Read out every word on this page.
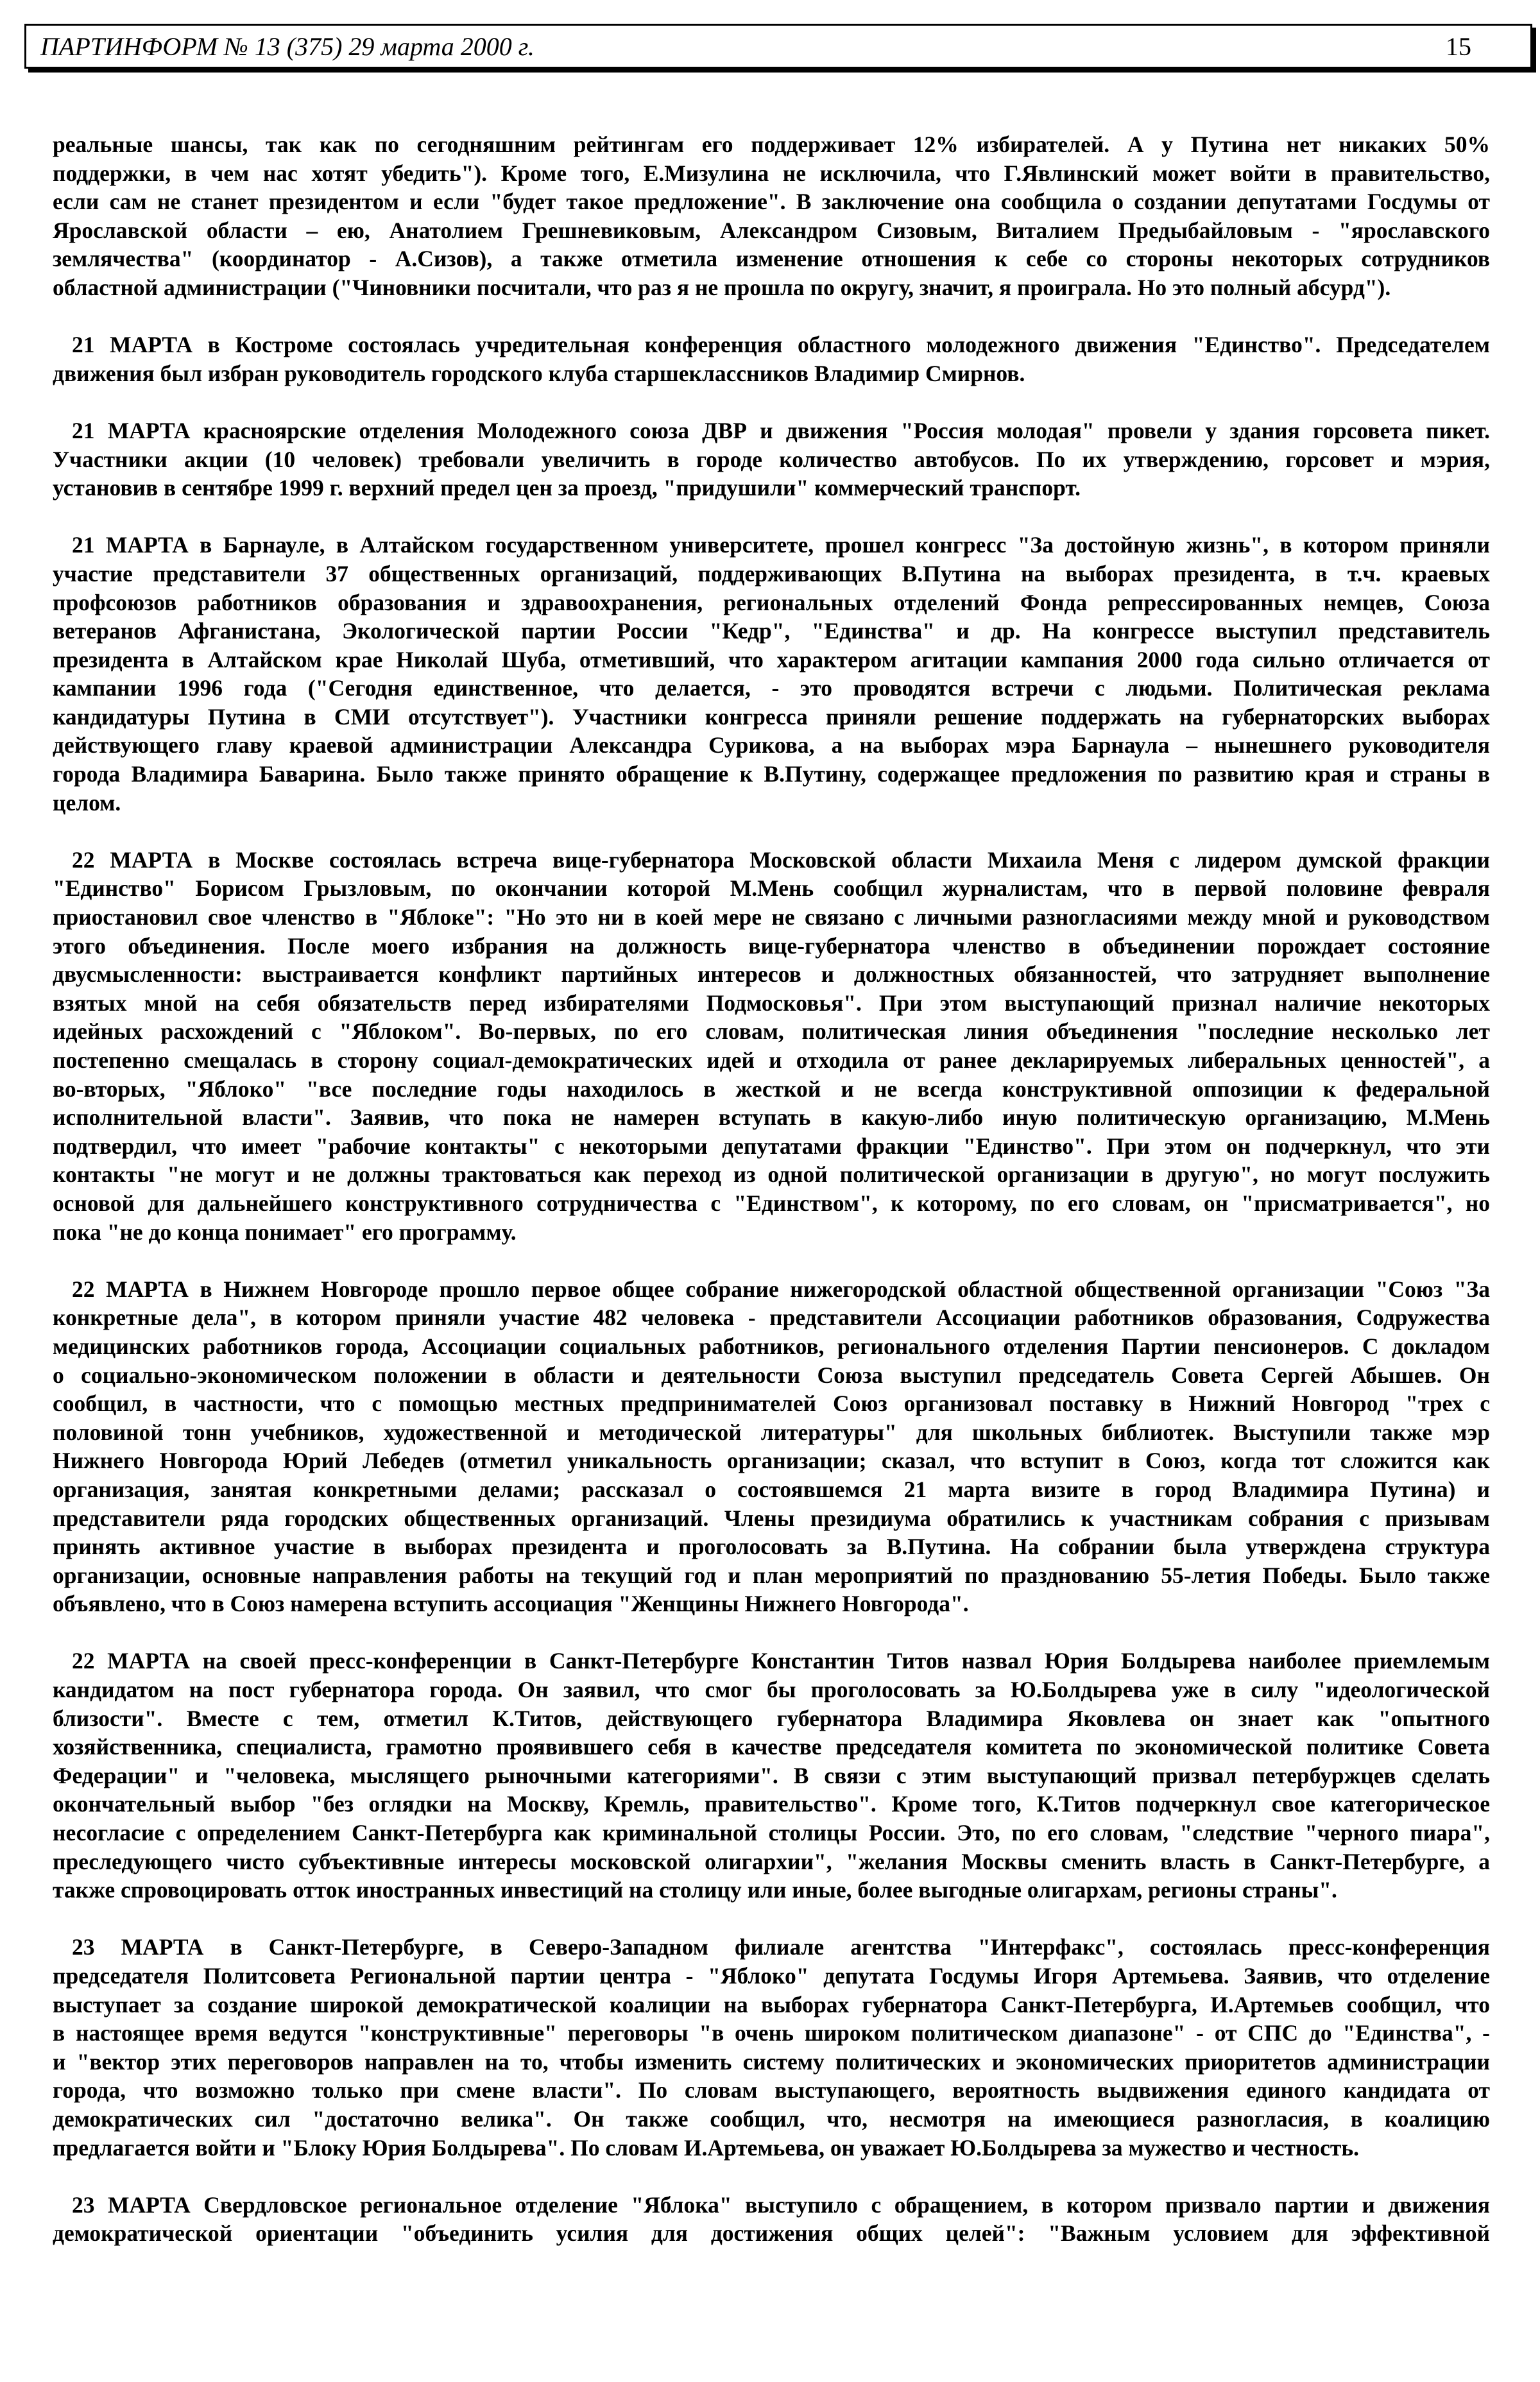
ПАРТИНФОРМ № 13 (375) 29 марта 2000 г.	15
реальные шансы, так как по сегодняшним рейтингам его поддерживает 12% избирателей. А у Путина нет никаких 50%
поддержки, в чем нас хотят убедить"). Кроме того, Е.Мизулина не исключила, что Г.Явлинский может войти в правительство,
если сам не станет президентом и если "будет такое предложение". В заключение она сообщила о создании депутатами Госдумы от
Ярославской области – ею, Анатолием Грешневиковым, Александром Сизовым, Виталием Предыбайловым - "ярославского
землячества" (координатор - А.Сизов), а также отметила изменение отношения к себе со стороны некоторых сотрудников
областной администрации ("Чиновники посчитали, что раз я не прошла по округу, значит, я проиграла. Но это полный абсурд").
21 МАРТА в Костроме состоялась учредительная конференция областного молодежного движения "Единство". Председателем
движения был избран руководитель городского клуба старшеклассников Владимир Смирнов.
21 МАРТА красноярские отделения Молодежного союза ДВР и движения "Россия молодая" провели у здания горсовета пикет.
Участники акции (10 человек) требовали увеличить в городе количество автобусов. По их утверждению, горсовет и мэрия,
установив в сентябре 1999 г. верхний предел цен за проезд, "придушили" коммерческий транспорт.
21 МАРТА в Барнауле, в Алтайском государственном университете, прошел конгресс "За достойную жизнь", в котором приняли
участие представители 37 общественных организаций, поддерживающих В.Путина на выборах президента, в т.ч. краевых
профсоюзов работников образования и здравоохранения, региональных отделений Фонда репрессированных немцев, Союза
ветеранов Афганистана, Экологической партии России "Кедр", "Единства" и др. На конгрессе выступил представитель
президента в Алтайском крае Николай Шуба, отметивший, что характером агитации кампания 2000 года сильно отличается от
кампании 1996 года ("Сегодня единственное, что делается, - это проводятся встречи с людьми. Политическая реклама
кандидатуры Путина в СМИ отсутствует"). Участники конгресса приняли решение поддержать на губернаторских выборах
действующего главу краевой администрации Александра Сурикова, а на выборах мэра Барнаула – нынешнего руководителя
города Владимира Баварина. Было также принято обращение к В.Путину, содержащее предложения по развитию края и страны в
целом.
22 МАРТА в Москве состоялась встреча вице-губернатора Московской области Михаила Меня с лидером думской фракции
"Единство" Борисом Грызловым, по окончании которой М.Мень сообщил журналистам, что в первой половине февраля
приостановил свое членство в "Яблоке": "Но это ни в коей мере не связано с личными разногласиями между мной и руководством
этого объединения. После моего избрания на должность вице-губернатора членство в объединении порождает состояние
двусмысленности: выстраивается конфликт партийных интересов и должностных обязанностей, что затрудняет выполнение
взятых мной на себя обязательств перед избирателями Подмосковья". При этом выступающий признал наличие некоторых
идейных расхождений с "Яблоком". Во-первых, по его словам, политическая линия объединения "последние несколько лет
постепенно смещалась в сторону социал-демократических идей и отходила от ранее декларируемых либеральных ценностей", а
во-вторых, "Яблоко" "все последние годы находилось в жесткой и не всегда конструктивной оппозиции к федеральной
исполнительной власти". Заявив, что пока не намерен вступать в какую-либо иную политическую организацию, М.Мень
подтвердил, что имеет "рабочие контакты" с некоторыми депутатами фракции "Единство". При этом он подчеркнул, что эти
контакты "не могут и не должны трактоваться как переход из одной политической организации в другую", но могут послужить
основой для дальнейшего конструктивного сотрудничества с "Единством", к которому, по его словам, он "присматривается", но
пока "не до конца понимает" его программу.
22 МАРТА в Нижнем Новгороде прошло первое общее собрание нижегородской областной общественной организации "Союз "За
конкретные дела", в котором приняли участие 482 человека - представители Ассоциации работников образования, Содружества
медицинских работников города, Ассоциации социальных работников, регионального отделения Партии пенсионеров. С докладом
о социально-экономическом положении в области и деятельности Союза выступил председатель Совета Сергей Абышев. Он
сообщил, в частности, что с помощью местных предпринимателей Союз организовал поставку в Нижний Новгород "трех с
половиной тонн учебников, художественной и методической литературы" для школьных библиотек. Выступили также мэр
Нижнего Новгорода Юрий Лебедев (отметил уникальность организации; сказал, что вступит в Союз, когда тот сложится как
организация, занятая конкретными делами; рассказал о состоявшемся 21 марта визите в город Владимира Путина) и
представители ряда городских общественных организаций. Члены президиума обратились к участникам собрания с призывам
принять активное участие в выборах президента и проголосовать за В.Путина. На собрании была утверждена структура
организации, основные направления работы на текущий год и план мероприятий по празднованию 55-летия Победы. Было также
объявлено, что в Союз намерена вступить ассоциация "Женщины Нижнего Новгорода".
22 МАРТА на своей пресс-конференции в Санкт-Петербурге Константин Титов назвал Юрия Болдырева наиболее приемлемым
кандидатом на пост губернатора города. Он заявил, что смог бы проголосовать за Ю.Болдырева уже в силу "идеологической
близости". Вместе с тем, отметил К.Титов, действующего губернатора Владимира Яковлева он знает как "опытного
хозяйственника, специалиста, грамотно проявившего себя в качестве председателя комитета по экономической политике Совета
Федерации" и "человека, мыслящего рыночными категориями". В связи с этим выступающий призвал петербуржцев сделать
окончательный выбор "без оглядки на Москву, Кремль, правительство". Кроме того, К.Титов подчеркнул свое категорическое
несогласие с определением Санкт-Петербурга как криминальной столицы России. Это, по его словам, "следствие "черного пиара",
преследующего чисто субъективные интересы московской олигархии", "желания Москвы сменить власть в Санкт-Петербурге, а
также спровоцировать отток иностранных инвестиций на столицу или иные, более выгодные олигархам, регионы страны".
23 МАРТА в Санкт-Петербурге, в Северо-Западном филиале агентства "Интерфакс", состоялась пресс-конференция
председателя Политсовета Региональной партии центра - "Яблоко" депутата Госдумы Игоря Артемьева. Заявив, что отделение
выступает за создание широкой демократической коалиции на выборах губернатора Санкт-Петербурга, И.Артемьев сообщил, что
в настоящее время ведутся "конструктивные" переговоры "в очень широком политическом диапазоне" - от СПС до "Единства", -
и "вектор этих переговоров направлен на то, чтобы изменить систему политических и экономических приоритетов администрации
города, что возможно только при смене власти". По словам выступающего, вероятность выдвижения единого кандидата от
демократических сил "достаточно велика". Он также сообщил, что, несмотря на имеющиеся разногласия, в коалицию
предлагается войти и "Блоку Юрия Болдырева". По словам И.Артемьева, он уважает Ю.Болдырева за мужество и честность.
23 МАРТА Свердловское региональное отделение "Яблока" выступило с обращением, в котором призвало партии и движения
демократической ориентации "объединить усилия для достижения общих целей": "Важным условием для эффективной
